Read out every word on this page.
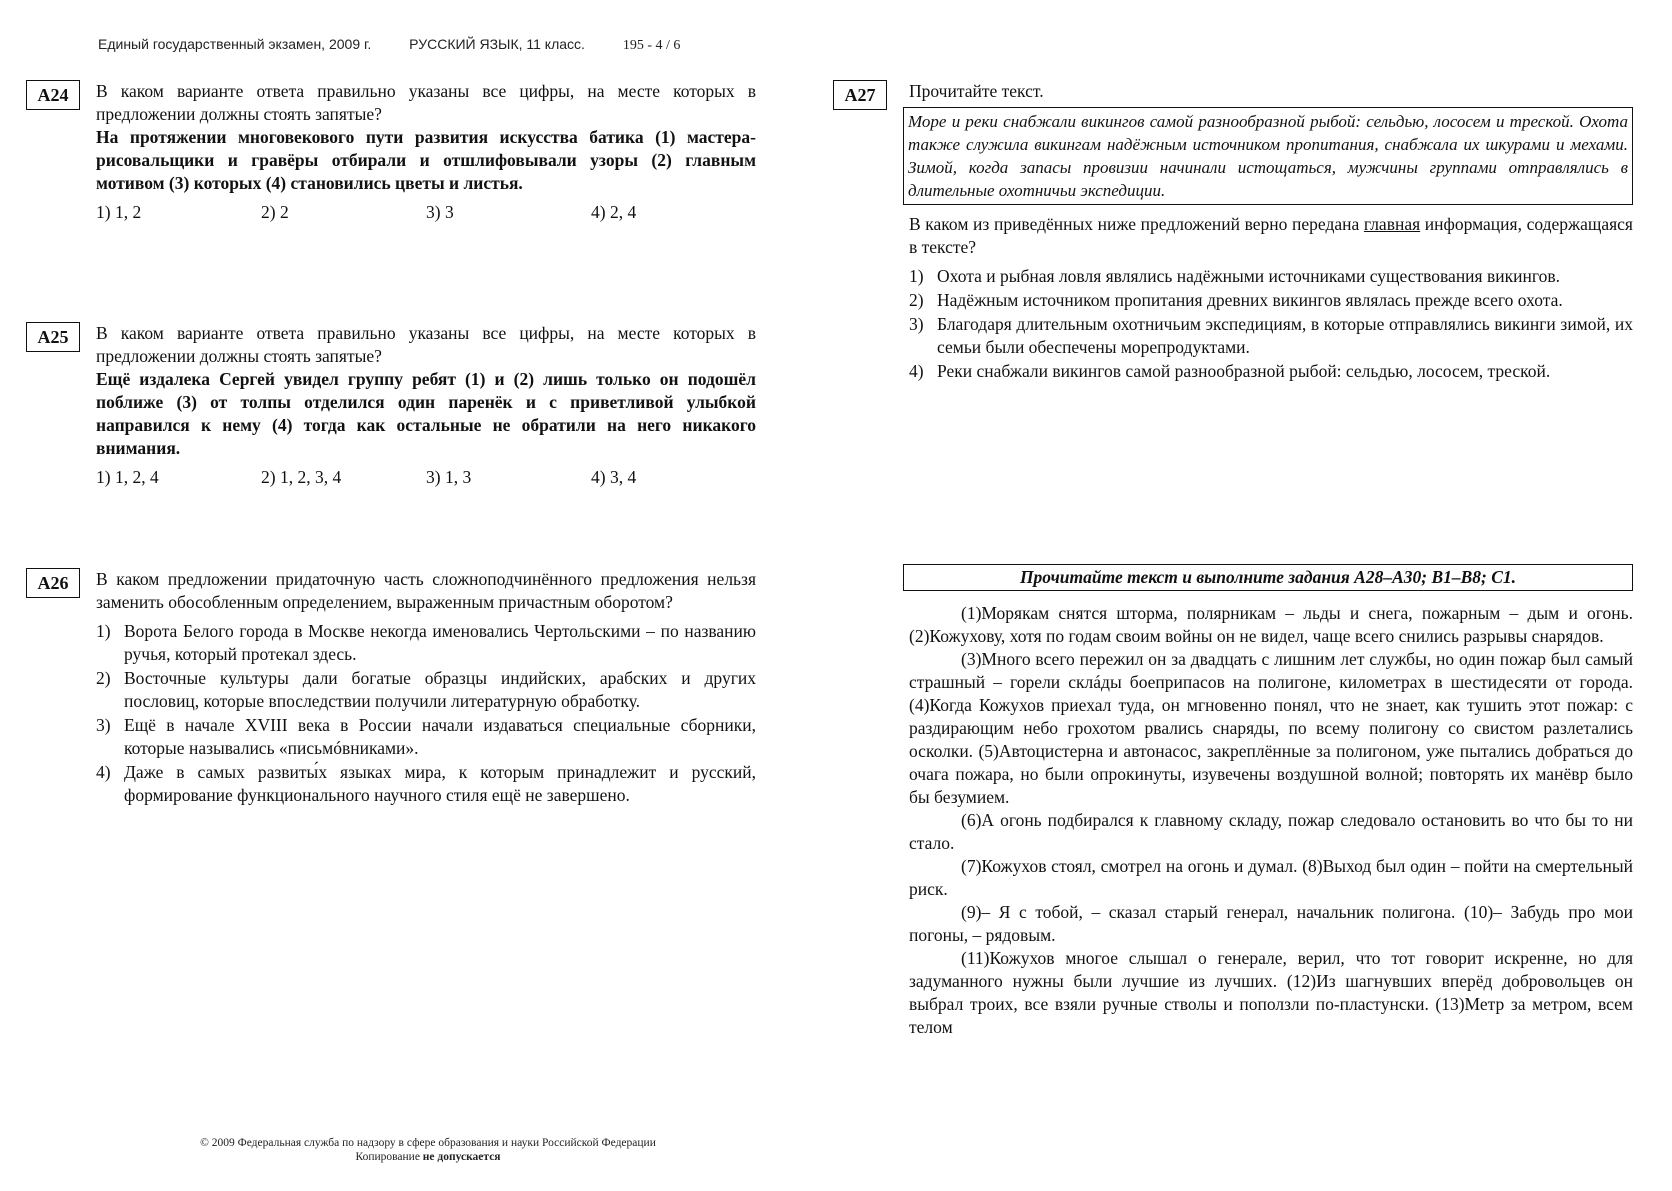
Единый государственный экзамен, 2009 г.	РУССКИЙ ЯЗЫК, 11 класс.	195 - 4 / 6
А24	В каком варианте ответа правильно указаны все цифры, на месте которых в предложении должны стоять запятые?

На протяжении многовекового пути развития искусства батика (1) мастера-рисовальщики и гравёры отбирали и отшлифовывали узоры (2) главным мотивом (3) которых (4) становились цветы и листья.

1) 1, 2	2) 2	3) 3	4) 2, 4
А25	В каком варианте ответа правильно указаны все цифры, на месте которых в предложении должны стоять запятые?

Ещё издалека Сергей увидел группу ребят (1) и (2) лишь только он подошёл поближе (3) от толпы отделился один паренёк и с приветливой улыбкой направился к нему (4) тогда как остальные не обратили на него никакого внимания.

1) 1, 2, 4	2) 1, 2, 3, 4	3) 1, 3	4) 3, 4
А26	В каком предложении придаточную часть сложноподчинённого предложения нельзя заменить обособленным определением, выраженным причастным оборотом?

1) Ворота Белого города в Москве некогда именовались Чертольскими – по названию ручья, который протекал здесь.
2) Восточные культуры дали богатые образцы индийских, арабских и других пословиц, которые впоследствии получили литературную обработку.
3) Ещё в начале XVIII века в России начали издаваться специальные сборники, которые назывались «письмóвниками».
4) Даже в самых развиты́х языках мира, к которым принадлежит и русский, формирование функционального научного стиля ещё не завершено.
А27	Прочитайте текст.
Море и реки снабжали викингов самой разнообразной рыбой: сельдью, лососем и треской. Охота также служила викингам надёжным источником пропитания, снабжала их шкурами и мехами. Зимой, когда запасы провизии начинали истощаться, мужчины группами отправлялись в длительные охотничьи экспедиции.

В каком из приведённых ниже предложений верно передана главная информация, содержащаяся в тексте?

1) Охота и рыбная ловля являлись надёжными источниками существования викингов.
2) Надёжным источником пропитания древних викингов являлась прежде всего охота.
3) Благодаря длительным охотничьим экспедициям, в которые отправлялись викинги зимой, их семьи были обеспечены морепродуктами.
4) Реки снабжали викингов самой разнообразной рыбой: сельдью, лососем, треской.
Прочитайте текст и выполните задания А28–А30; В1–В8; С1.

(1)Морякам снятся шторма, полярникам – льды и снега, пожарным – дым и огонь. (2)Кожухову, хотя по годам своим войны он не видел, чаще всего снились разрывы снарядов.

(3)Много всего пережил он за двадцать с лишним лет службы, но один пожар был самый страшный – горели склáды боеприпасов на полигоне, километрах в шестидесяти от города. (4)Когда Кожухов приехал туда, он мгновенно понял, что не знает, как тушить этот пожар: с раздирающим небо грохотом рвались снаряды, по всему полигону со свистом разлетались осколки. (5)Автоцистерна и автонасос, закреплённые за полигоном, уже пытались добраться до очага пожара, но были опрокинуты, изувечены воздушной волной; повторять их манёвр было бы безумием.

(6)А огонь подбирался к главному складу, пожар следовало остановить во что бы то ни стало.

(7)Кожухов стоял, смотрел на огонь и думал. (8)Выход был один – пойти на смертельный риск.

(9)– Я с тобой, – сказал старый генерал, начальник полигона. (10)– Забудь про мои погоны, – рядовым.

(11)Кожухов многое слышал о генерале, верил, что тот говорит искренне, но для задуманного нужны были лучшие из лучших. (12)Из шагнувших вперёд добровольцев он выбрал троих, все взяли ручные стволы и поползли по-пластунски. (13)Метр за метром, всем телом

© 2009 Федеральная служба по надзору в сфере образования и науки Российской Федерации
Копирование не допускается
